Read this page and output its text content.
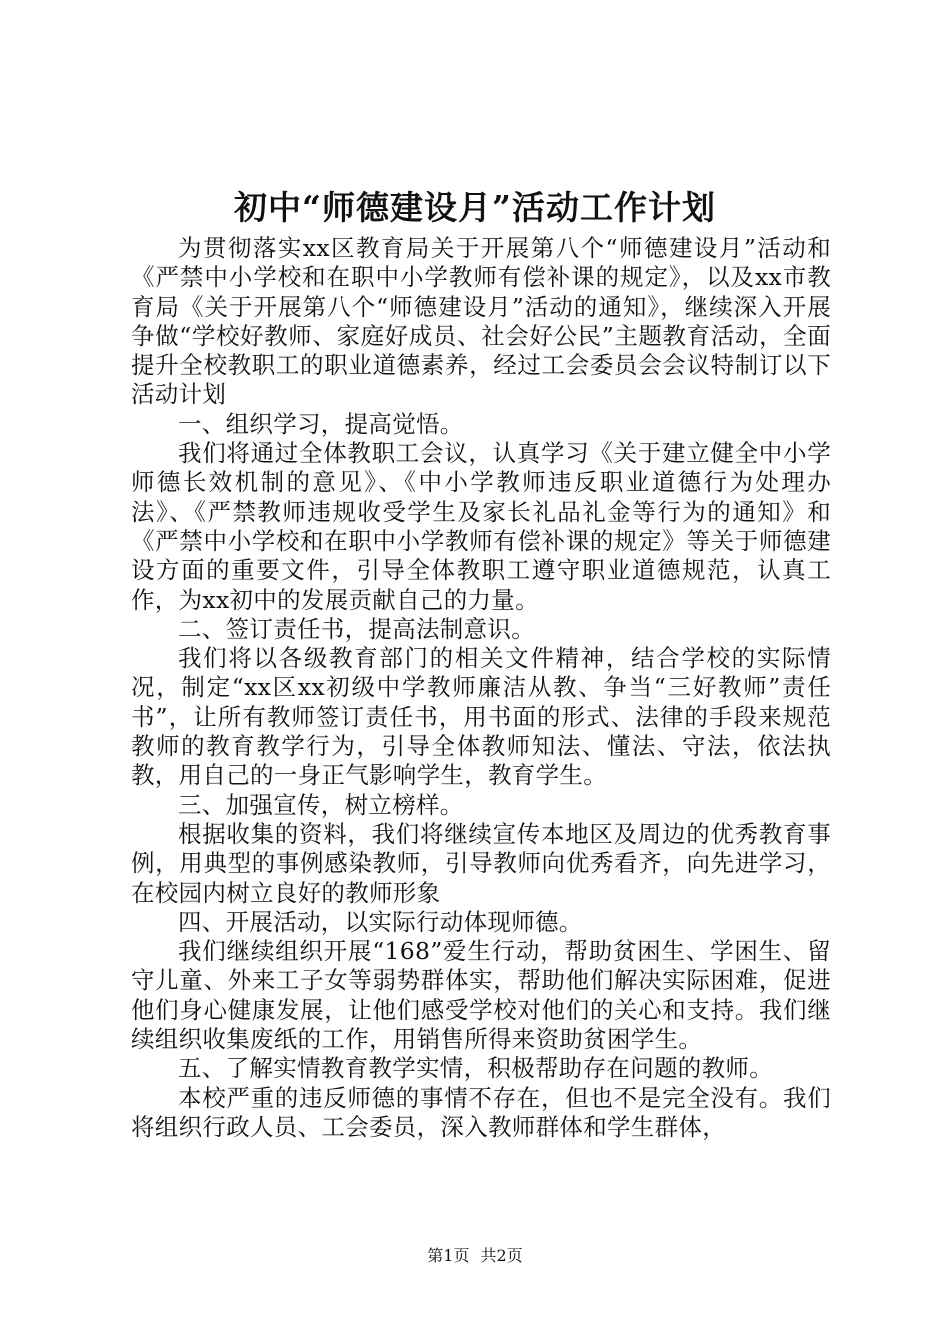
初中“师德建设月”活动工作计划

为贯彻落实xx区教育局关于开展第八个“师德建设月”活动和《严禁中小学校和在职中小学教师有偿补课的规定》，以及xx市教育局《关于开展第八个“师德建设月”活动的通知》，继续深入开展争做“学校好教师、家庭好成员、社会好公民”主题教育活动，全面提升全校教职工的职业道德素养，经过工会委员会会议特制订以下活动计划

一、组织学习，提高觉悟。

我们将通过全体教职工会议，认真学习《关于建立健全中小学师德长效机制的意见》、《中小学教师违反职业道德行为处理办法》、《严禁教师违规收受学生及家长礼品礼金等行为的通知》和《严禁中小学校和在职中小学教师有偿补课的规定》等关于师德建设方面的重要文件，引导全体教职工遵守职业道德规范，认真工作，为xx初中的发展贡献自己的力量。

二、签订责任书，提高法制意识。

我们将以各级教育部门的相关文件精神，结合学校的实际情况，制定“xx区xx初级中学教师廉洁从教、争当“三好教师”责任书”，让所有教师签订责任书，用书面的形式、法律的手段来规范教师的教育教学行为，引导全体教师知法、懂法、守法，依法执教，用自己的一身正气影响学生，教育学生。

三、加强宣传，树立榜样。

根据收集的资料，我们将继续宣传本地区及周边的优秀教育事例，用典型的事例感染教师，引导教师向优秀看齐，向先进学习，在校园内树立良好的教师形象

四、开展活动，以实际行动体现师德。

我们继续组织开展“168”爱生行动，帮助贫困生、学困生、留守儿童、外来工子女等弱势群体实，帮助他们解决实际困难，促进他们身心健康发展，让他们感受学校对他们的关心和支持。我们继续组织收集废纸的工作，用销售所得来资助贫困学生。

五、了解实情教育教学实情，积极帮助存在问题的教师。

本校严重的违反师德的事情不存在，但也不是完全没有。我们将组织行政人员、工会委员，深入教师群体和学生群体，

第1页 共2页
